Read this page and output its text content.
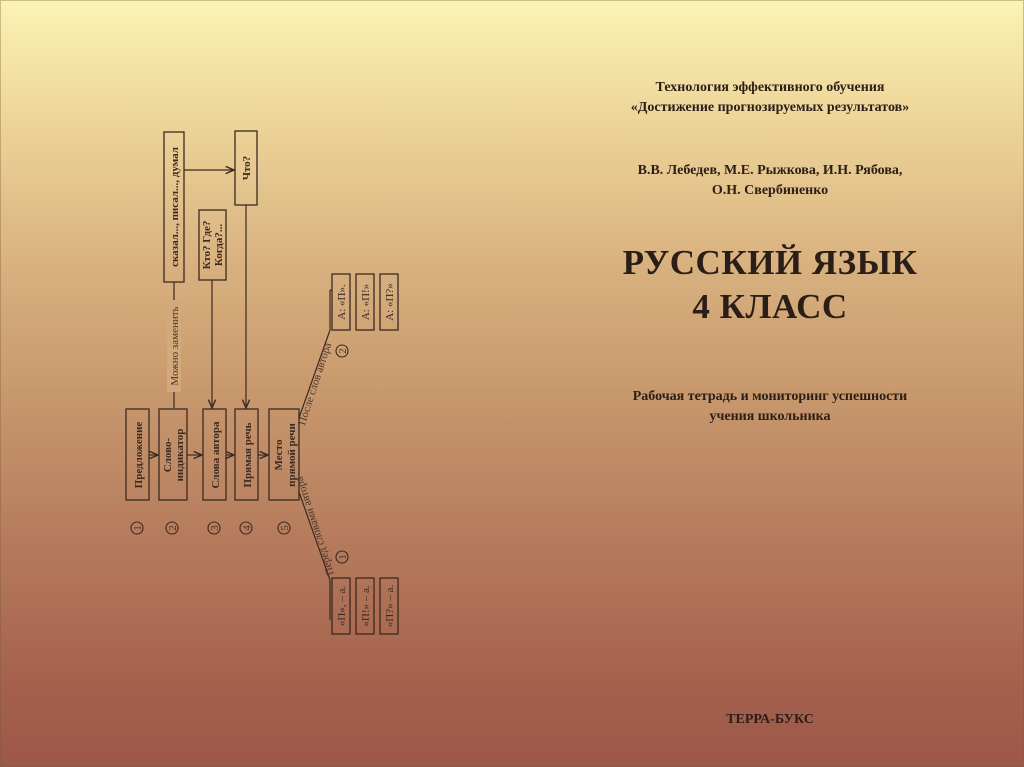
Предложение Слово- индикатор Слова автора Прямая речь Место прямой речи
1 2	3 4 5
сказал..., писал..., думал
Можно заменить
Что?
Кто? Где? Когда?...
После слов автора
Перед словами автора
2
1
А: «П». А: «П!» А: «П?»
«П», – а. «П!» – а. «П?» – а.
Технология эффективного обучения
«Достижение прогнозируемых результатов»
В.В. Лебедев, М.Е. Рыжкова, И.Н. Рябова,
О.Н. Свербиненко
РУССКИЙ ЯЗЫК
4 КЛАСС
Рабочая тетрадь и мониторинг успешности
учения школьника
ТЕРРА-БУКС
